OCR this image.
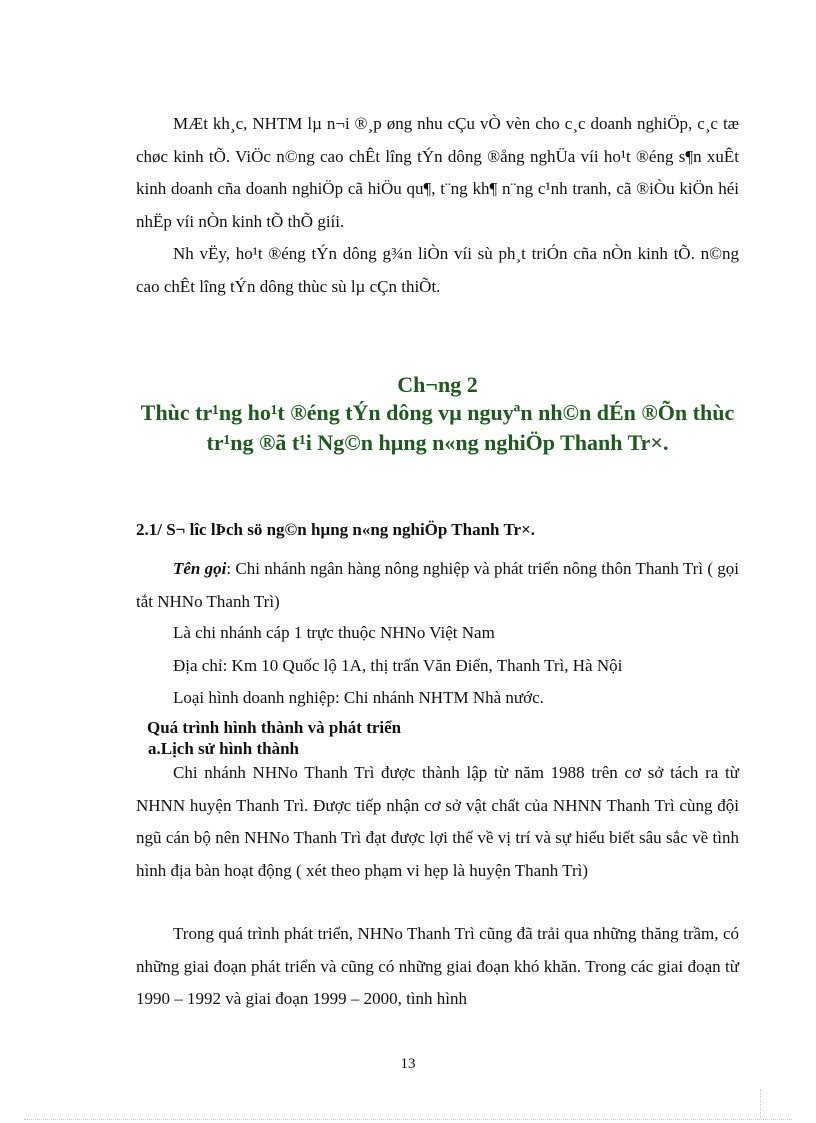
MÆt kh¸c, NHTM lµ n¬i ®¸p øng nhu cÇu vÒ vèn cho c¸c doanh nghiÖp, c¸c tæ chøc kinh tÕ. ViÖc n©ng cao chÊt lîng tÝn dông ®ång nghÜa víi ho¹t ®éng s¶n xuÊt kinh doanh cña doanh nghiÖp cã hiÖu qu¶, t¨ng kh¶ n¨ng c¹nh tranh, cã ®iÒu kiÖn héi nhËp víi nÒn kinh tÕ thÕ giíi.

Nh vËy, ho¹t ®éng tÝn dông g¾n liÒn víi sù ph¸t triÓn cña nÒn kinh tÕ. n©ng cao chÊt lîng tÝn dông thùc sù lµ cÇn thiÕt.

Ch¬ng 2

Thùc tr¹ng ho¹t ®éng tÝn dông vµ nguyªn nh©n dÉn ®Õn thùc tr¹ng ®ã t¹i Ng©n hµng n«ng nghiÖp Thanh Tr×.

2.1/ S¬ lîc lÞch sö ng©n hµng n«ng nghiÖp Thanh Tr×.

Tên gọi: Chi nhánh ngân hàng nông nghiệp và phát triển nông thôn Thanh Trì ( gọi tắt NHNo Thanh Trì)

Là chi nhánh cáp 1 trực thuộc NHNo Việt Nam

Địa chỉ: Km 10 Quốc lộ 1A, thị trấn Văn Điển, Thanh Trì, Hà Nội

Loại hình doanh nghiệp: Chi nhánh NHTM Nhà nước.

Quá trình hình thành và phát triển

a.Lịch sử hình thành

Chi nhánh NHNo Thanh Trì được thành lập từ năm 1988 trên cơ sở tách ra từ NHNN huyện Thanh Trì. Được tiếp nhận cơ sở vật chất của NHNN Thanh Trì cùng đội ngũ cán bộ nên NHNo Thanh Trì đạt được lợi thế về vị trí và sự hiểu biết sâu sắc về tình hình địa bàn hoạt động ( xét theo phạm vi hẹp là huyện Thanh Trì)

Trong quá trình phát triển, NHNo Thanh Trì cũng đã trải qua những thăng trầm, có những giai đoạn phát triển và cũng có những giai đoạn khó khăn. Trong các giai đoạn từ 1990 – 1992 và giai đoạn 1999 – 2000, tình hình

13
